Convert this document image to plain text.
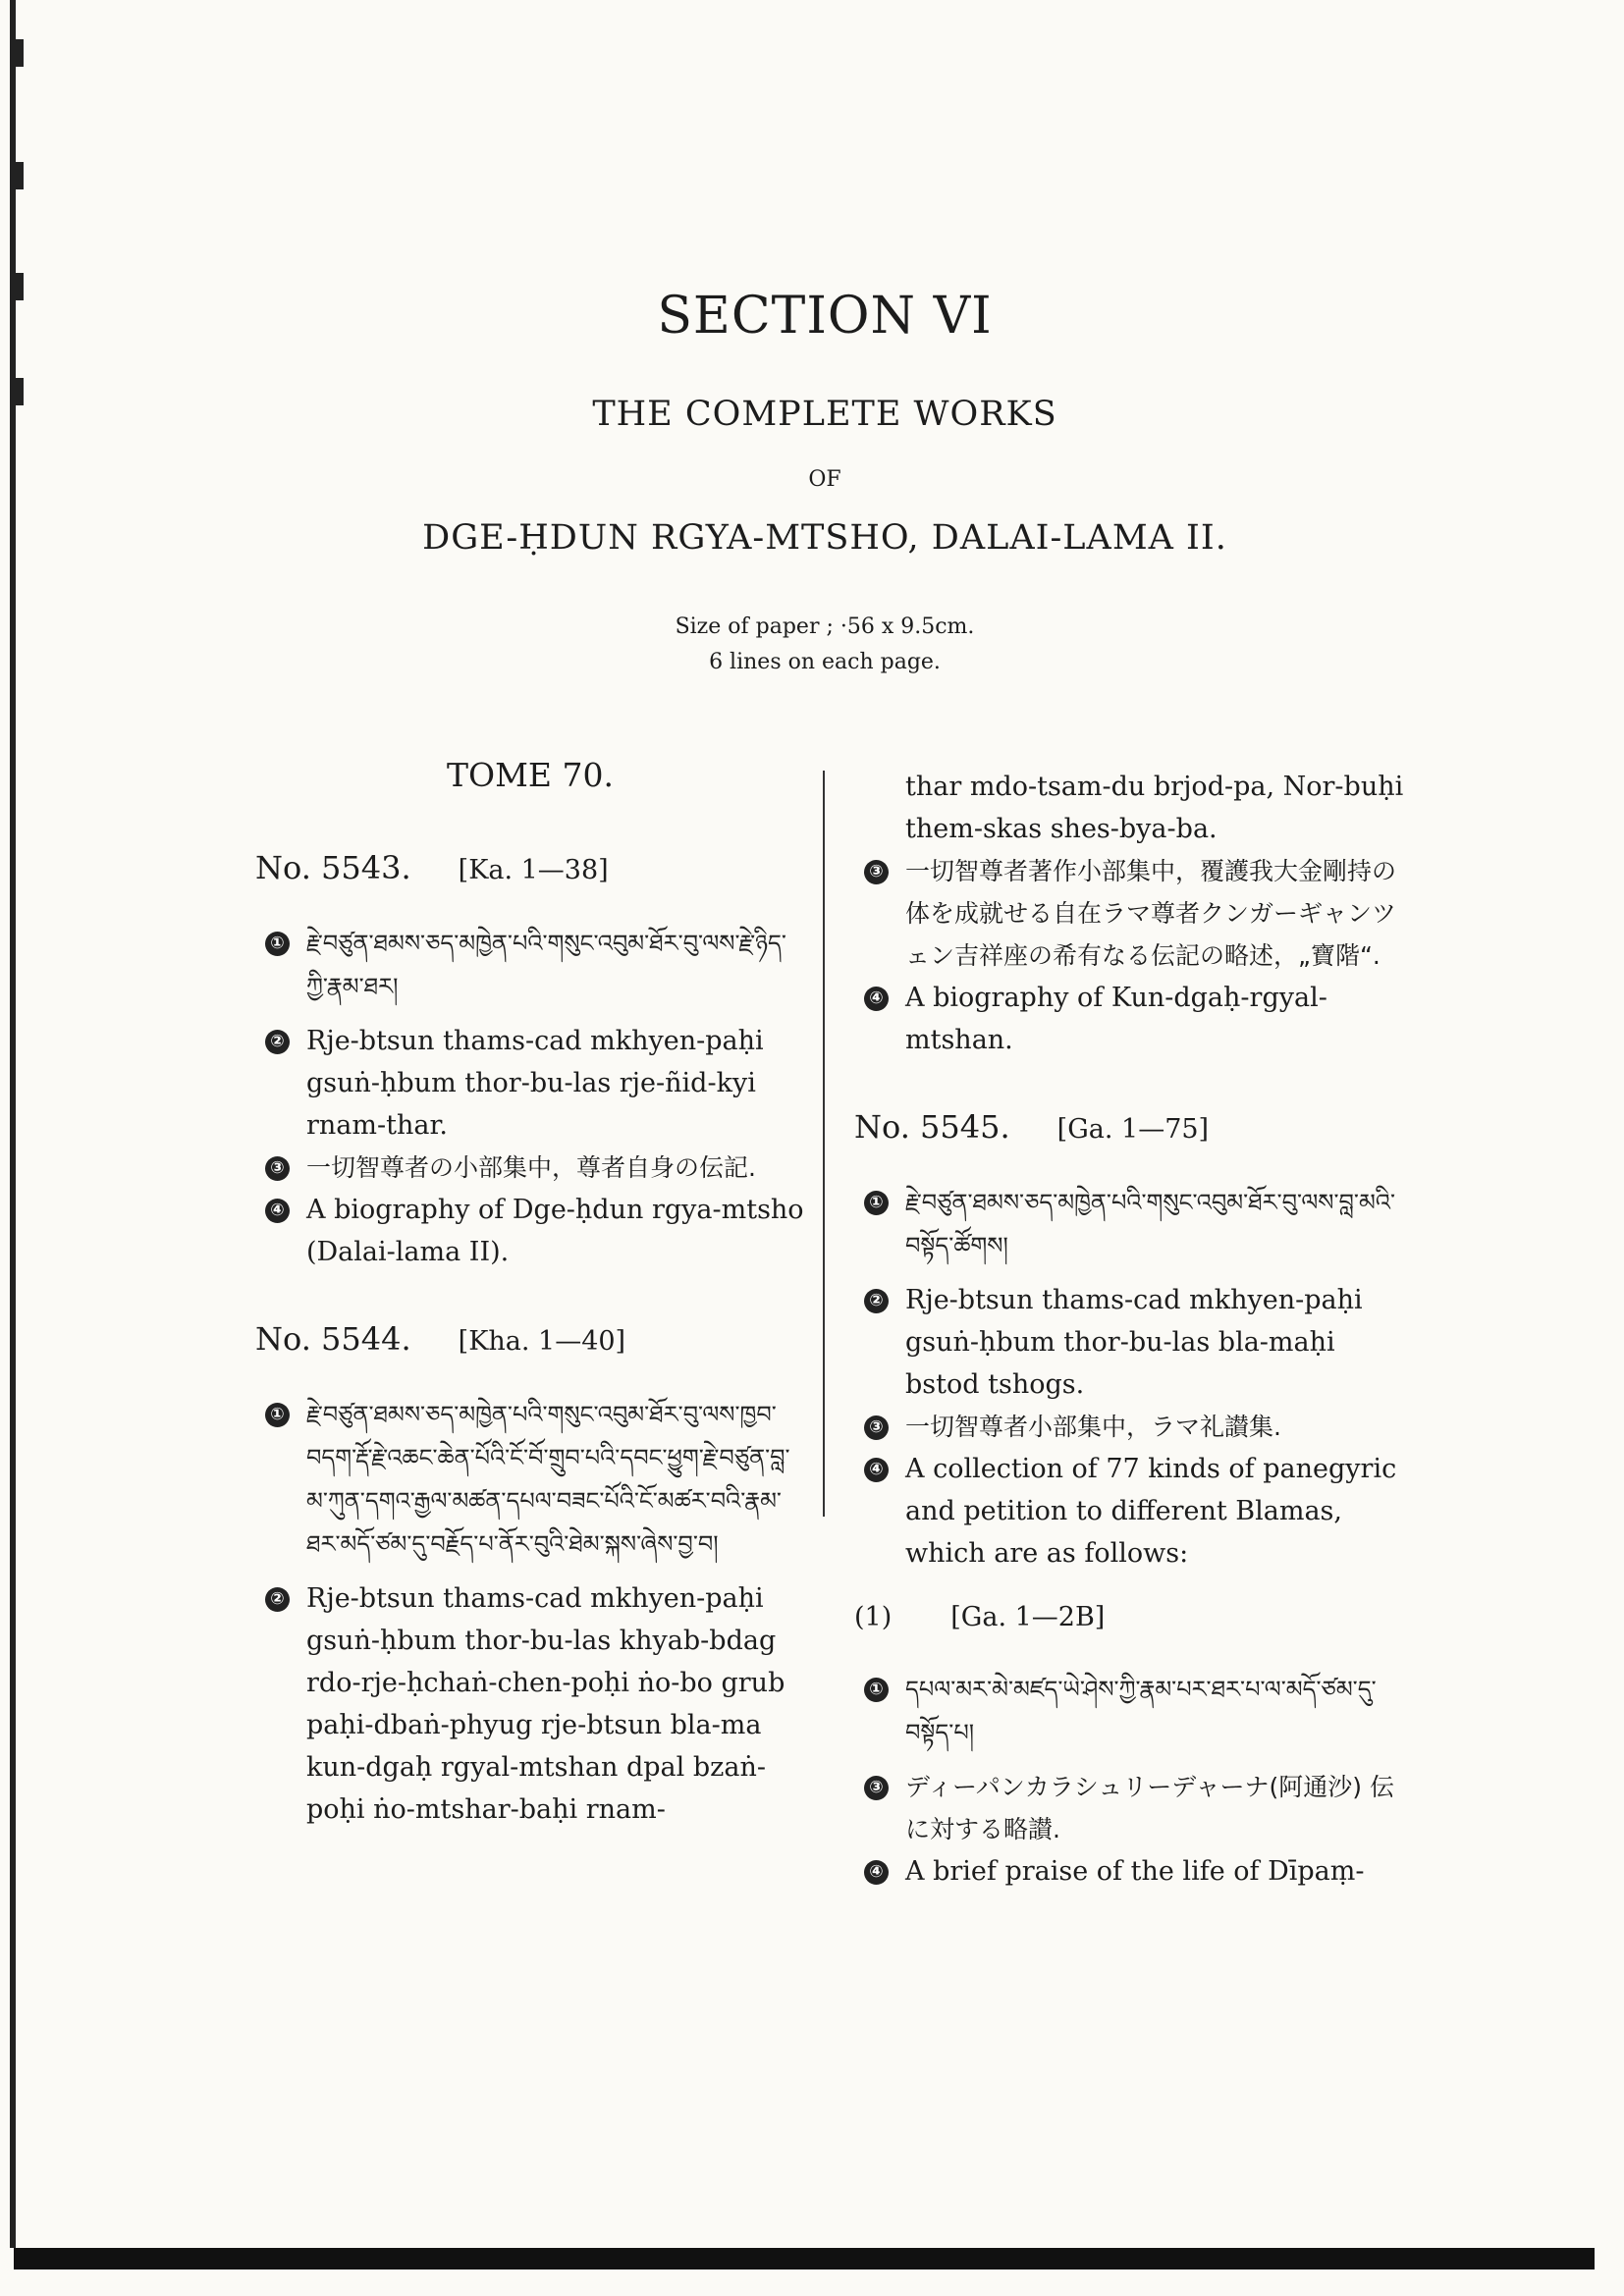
SECTION VI
THE COMPLETE WORKS
OF
DGE-ḤDUN RGYA-MTSHO, DALAI-LAMA II.
Size of paper ; ·56 x 9.5cm.
6 lines on each page.
TOME 70.
No. 5543. [Ka. 1—38]
① རྗེ་བཙུན་ཐམས་ཅད་མཁྱེན་པའི་གསུང་འབུམ་ཐོར་བུ་ལས་རྗེ་ཉིད་ཀྱི་རྣམ་ཐར།
② Rje-btsun thams-cad mkhyen-paḥi gsuṅ-ḥbum thor-bu-las rje-ñid-kyi rnam-thar.
③ 一切智尊者の小部集中，尊者自身の伝記.
④ A biography of Dge-ḥdun rgya-mtsho (Dalai-lama II).
No. 5544. [Kha. 1—40]
① རྗེ་བཙུན་ཐམས་ཅད་མཁྱེན་པའི་གསུང་འབུམ་ཐོར་བུ་ལས་ཁྱབ་བདག་རྡོ་རྗེ་འཆང་ཆེན་པོའི་ངོ་བོ་གྲུབ་པའི་དབང་ཕྱུག་རྗེ་བཙུན་བླ་མ་ཀུན་དགའ་རྒྱལ་མཚན་དཔལ་བཟང་པོའི་ངོ་མཚར་བའི་རྣམ་ཐར་མདོ་ཙམ་དུ་བརྗོད་པ་ནོར་བུའི་ཐེམ་སྐས་ཞེས་བྱ་བ།
② Rje-btsun thams-cad mkhyen-paḥi gsuṅ-ḥbum thor-bu-las khyab-bdag rdo-rje-ḥchaṅ-chen-poḥi ṅo-bo grub paḥi-dbaṅ-phyug rje-btsun bla-ma kun-dgaḥ rgyal-mtshan dpal bzaṅ-poḥi ṅo-mtshar-baḥi rnam-
thar mdo-tsam-du brjod-pa, Nor-buḥi them-skas shes-bya-ba.
③ 一切智尊者著作小部集中，覆護我大金剛持の体を成就せる自在ラマ尊者クンガーギャンツェン吉祥座の希有なる伝記の略述，„寶階“.
④ A biography of Kun-dgaḥ-rgyal-mtshan.
No. 5545. [Ga. 1—75]
① རྗེ་བཙུན་ཐམས་ཅད་མཁྱེན་པའི་གསུང་འབུམ་ཐོར་བུ་ལས་བླ་མའི་བསྟོད་ཚོགས།
② Rje-btsun thams-cad mkhyen-paḥi gsuṅ-ḥbum thor-bu-las bla-maḥi bstod tshogs.
③ 一切智尊者小部集中，ラマ礼讃集.
④ A collection of 77 kinds of panegyric and petition to different Blamas, which are as follows:
(1) [Ga. 1—2B]
① དཔལ་མར་མེ་མཛད་ཡེ་ཤེས་ཀྱི་རྣམ་པར་ཐར་པ་ལ་མདོ་ཙམ་དུ་བསྟོད་པ།
③ ディーパンカラシュリーデャーナ(阿通沙) 伝に対する略讃.
④ A brief praise of the life of Dīpaṃ-
